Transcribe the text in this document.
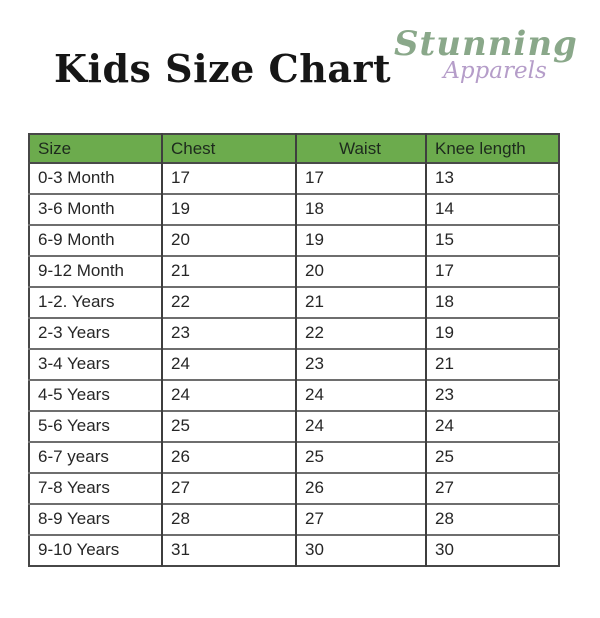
Kids Size Chart
Stunning
Apparels
Size	Chest	Waist	Knee length
0-3 Month	17	17	13
3-6 Month	19	18	14
6-9 Month	20	19	15
9-12 Month	21	20	17
1-2. Years	22	21	18
2-3 Years	23	22	19
3-4 Years	24	23	21
4-5 Years	24	24	23
5-6 Years	25	24	24
6-7 years	26	25	25
7-8 Years	27	26	27
8-9 Years	28	27	28
9-10 Years	31	30	30
